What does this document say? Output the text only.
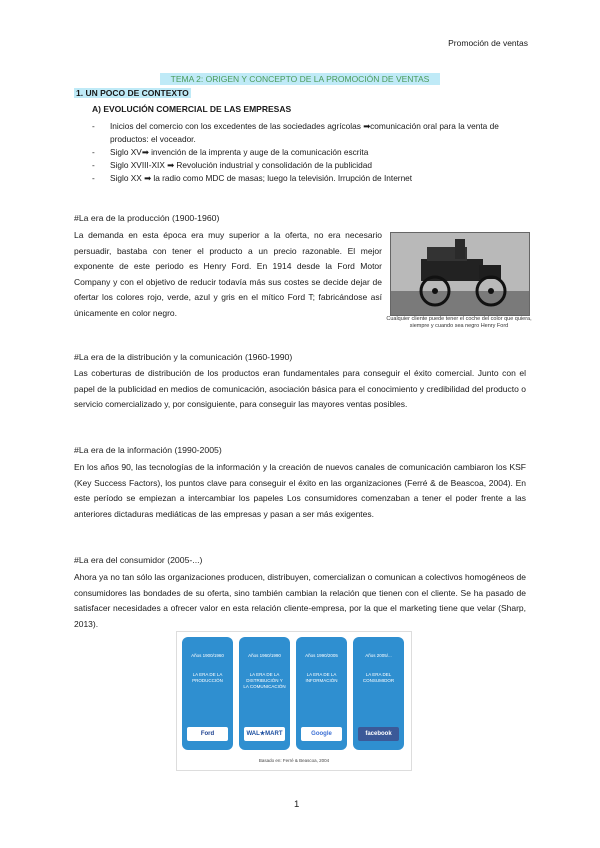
Promoción de ventas
TEMA 2: ORIGEN Y CONCEPTO DE LA PROMOCIÓN DE VENTAS
1. UN POCO DE CONTEXTO
A) EVOLUCIÓN COMERCIAL DE LAS EMPRESAS
-	Inicios del comercio con los excedentes de las sociedades agrícolas ➡comunicación oral para la venta de productos: el voceador.
-	Siglo XV➡ invención de la imprenta y auge de la comunicación escrita
-	Siglo XVIII-XIX ➡ Revolución industrial y consolidación de la publicidad
-	Siglo XX ➡ la radio como MDC de masas; luego la televisión. Irrupción de Internet
#La era de la producción (1900-1960)
La demanda en esta época era muy superior a la oferta, no era necesario persuadir, bastaba con tener el producto a un precio razonable. El mejor exponente de este periodo es Henry Ford. En 1914 desde la Ford Motor Company y con el objetivo de reducir todavía más sus costes se decide dejar de ofertar los colores rojo, verde, azul y gris en el mítico Ford T; fabricándose así únicamente en color negro.
Cualquier cliente puede tener el coche del color que quiera, siempre y cuando sea negro Henry Ford
#La era de la distribución y la comunicación (1960-1990)
Las coberturas de distribución de los productos eran fundamentales para conseguir el éxito comercial. Junto con el papel de la publicidad en medios de comunicación, asociación básica para el conocimiento y credibilidad del producto o servicio comercializado y, por consiguiente, para conseguir las mayores ventas posibles.
#La era de la información (1990-2005)
En los años 90, las tecnologías de la información y la creación de nuevos canales de comunicación cambiaron los KSF (Key Success Factors), los puntos clave para conseguir el éxito en las organizaciones (Ferré & de Beascoa, 2004). En este período se empiezan a intercambiar los papeles Los consumidores comenzaban a tener el poder frente a las anteriores dictaduras mediáticas de las empresas y pasan a ser más exigentes.
#La era del consumidor (2005-...)
Ahora ya no tan sólo las organizaciones producen, distribuyen, comercializan o comunican a colectivos homogéneos de consumidores las bondades de su oferta, sino también cambian la relación que tienen con el cliente. Se ha pasado de satisfacer necesidades a ofrecer valor en esta relación cliente-empresa, por la que el marketing tiene que velar (Sharp, 2013).
Años 1900/1960
LA ERA DE LA PRODUCCIÓN
Ford
Años 1960/1990
LA ERA DE LA DISTRIBUCIÓN Y LA COMUNICACIÓN
WAL★MART
Años 1990/2005
LA ERA DE LA INFORMACIÓN
Google
Años 2005/...
LA ERA DEL CONSUMIDOR
facebook
Basado en: Ferré & Beascoa, 2004
1
